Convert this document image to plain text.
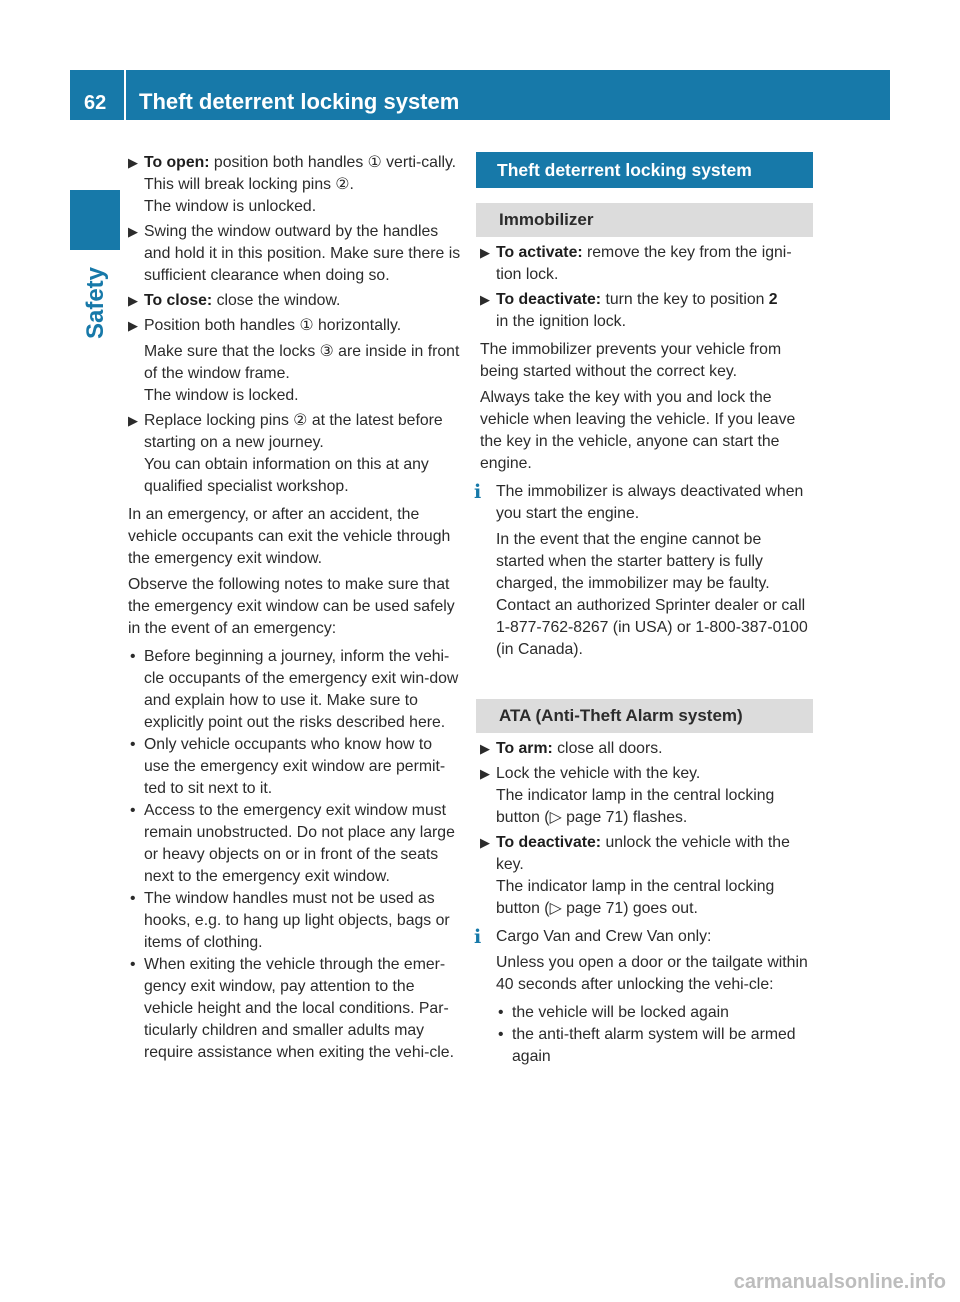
62 Theft deterrent locking system
Safety
▶ To open: position both handles ① verti-cally. This will break locking pins ②.
The window is unlocked.
▶ Swing the window outward by the handles and hold it in this position. Make sure there is sufficient clearance when doing so.
▶ To close: close the window.
▶ Position both handles ① horizontally.
Make sure that the locks ③ are inside in front of the window frame.
The window is locked.
▶ Replace locking pins ② at the latest before starting on a new journey.
You can obtain information on this at any qualified specialist workshop.

In an emergency, or after an accident, the vehicle occupants can exit the vehicle through the emergency exit window.

Observe the following notes to make sure that the emergency exit window can be used safely in the event of an emergency:

• Before beginning a journey, inform the vehi-cle occupants of the emergency exit win-dow and explain how to use it. Make sure to explicitly point out the risks described here.
• Only vehicle occupants who know how to use the emergency exit window are permit-ted to sit next to it.
• Access to the emergency exit window must remain unobstructed. Do not place any large or heavy objects on or in front of the seats next to the emergency exit window.
• The window handles must not be used as hooks, e.g. to hang up light objects, bags or items of clothing.
• When exiting the vehicle through the emer-gency exit window, pay attention to the vehicle height and the local conditions. Par-ticularly children and smaller adults may require assistance when exiting the vehi-cle.
Theft deterrent locking system
Immobilizer
▶ To activate: remove the key from the igni-tion lock.
▶ To deactivate: turn the key to position 2
in the ignition lock.

The immobilizer prevents your vehicle from being started without the correct key.

Always take the key with you and lock the vehicle when leaving the vehicle. If you leave the key in the vehicle, anyone can start the engine.

i The immobilizer is always deactivated when you start the engine.
In the event that the engine cannot be started when the starter battery is fully charged, the immobilizer may be faulty. Contact an authorized Sprinter dealer or call 1-877-762-8267 (in USA) or 1-800-387-0100 (in Canada).
ATA (Anti-Theft Alarm system)
▶ To arm: close all doors.
▶ Lock the vehicle with the key.
The indicator lamp in the central locking button (▷ page 71) flashes.
▶ To deactivate: unlock the vehicle with the key.
The indicator lamp in the central locking button (▷ page 71) goes out.
i Cargo Van and Crew Van only:
Unless you open a door or the tailgate within 40 seconds after unlocking the vehi-cle:
• the vehicle will be locked again
• the anti-theft alarm system will be armed again
carmanualsonline.info
